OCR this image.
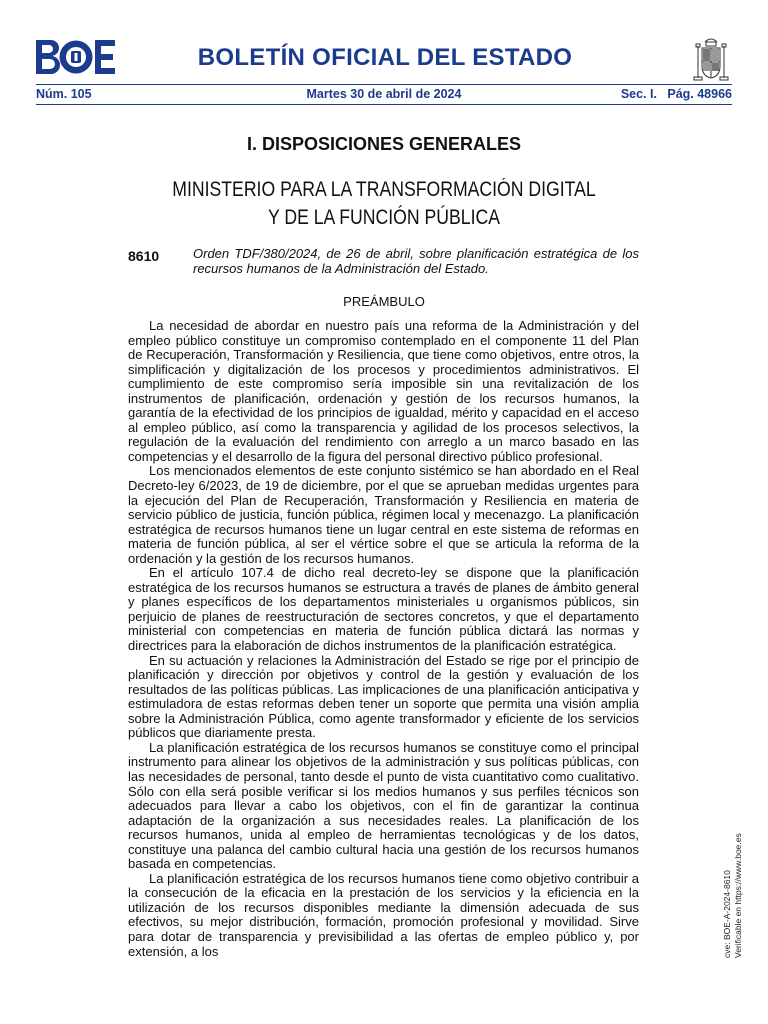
BOLETÍN OFICIAL DEL ESTADO
Núm. 105	Martes 30 de abril de 2024	Sec. I.   Pág. 48966
I. DISPOSICIONES GENERALES
MINISTERIO PARA LA TRANSFORMACIÓN DIGITAL
Y DE LA FUNCIÓN PÚBLICA
8610	Orden TDF/380/2024, de 26 de abril, sobre planificación estratégica de los recursos humanos de la Administración del Estado.
PREÁMBULO

La necesidad de abordar en nuestro país una reforma de la Administración y del empleo público constituye un compromiso contemplado en el componente 11 del Plan de Recuperación, Transformación y Resiliencia, que tiene como objetivos, entre otros, la simplificación y digitalización de los procesos y procedimientos administrativos. El cumplimiento de este compromiso sería imposible sin una revitalización de los instrumentos de planificación, ordenación y gestión de los recursos humanos, la garantía de la efectividad de los principios de igualdad, mérito y capacidad en el acceso al empleo público, así como la transparencia y agilidad de los procesos selectivos, la regulación de la evaluación del rendimiento con arreglo a un marco basado en las competencias y el desarrollo de la figura del personal directivo público profesional.

Los mencionados elementos de este conjunto sistémico se han abordado en el Real Decreto-ley 6/2023, de 19 de diciembre, por el que se aprueban medidas urgentes para la ejecución del Plan de Recuperación, Transformación y Resiliencia en materia de servicio público de justicia, función pública, régimen local y mecenazgo. La planificación estratégica de recursos humanos tiene un lugar central en este sistema de reformas en materia de función pública, al ser el vértice sobre el que se articula la reforma de la ordenación y la gestión de los recursos humanos.

En el artículo 107.4 de dicho real decreto-ley se dispone que la planificación estratégica de los recursos humanos se estructura a través de planes de ámbito general y planes específicos de los departamentos ministeriales u organismos públicos, sin perjuicio de planes de reestructuración de sectores concretos, y que el departamento ministerial con competencias en materia de función pública dictará las normas y directrices para la elaboración de dichos instrumentos de la planificación estratégica.

En su actuación y relaciones la Administración del Estado se rige por el principio de planificación y dirección por objetivos y control de la gestión y evaluación de los resultados de las políticas públicas. Las implicaciones de una planificación anticipativa y estimuladora de estas reformas deben tener un soporte que permita una visión amplia sobre la Administración Pública, como agente transformador y eficiente de los servicios públicos que diariamente presta.

La planificación estratégica de los recursos humanos se constituye como el principal instrumento para alinear los objetivos de la administración y sus políticas públicas, con las necesidades de personal, tanto desde el punto de vista cuantitativo como cualitativo. Sólo con ella será posible verificar si los medios humanos y sus perfiles técnicos son adecuados para llevar a cabo los objetivos, con el fin de garantizar la continua adaptación de la organización a sus necesidades reales. La planificación de los recursos humanos, unida al empleo de herramientas tecnológicas y de los datos, constituye una palanca del cambio cultural hacia una gestión de los recursos humanos basada en competencias.

La planificación estratégica de los recursos humanos tiene como objetivo contribuir a la consecución de la eficacia en la prestación de los servicios y la eficiencia en la utilización de los recursos disponibles mediante la dimensión adecuada de sus efectivos, su mejor distribución, formación, promoción profesional y movilidad. Sirve para dotar de transparencia y previsibilidad a las ofertas de empleo público y, por extensión, a los	cve: BOE-A-2024-8610 Verificable en https://www.boe.es
